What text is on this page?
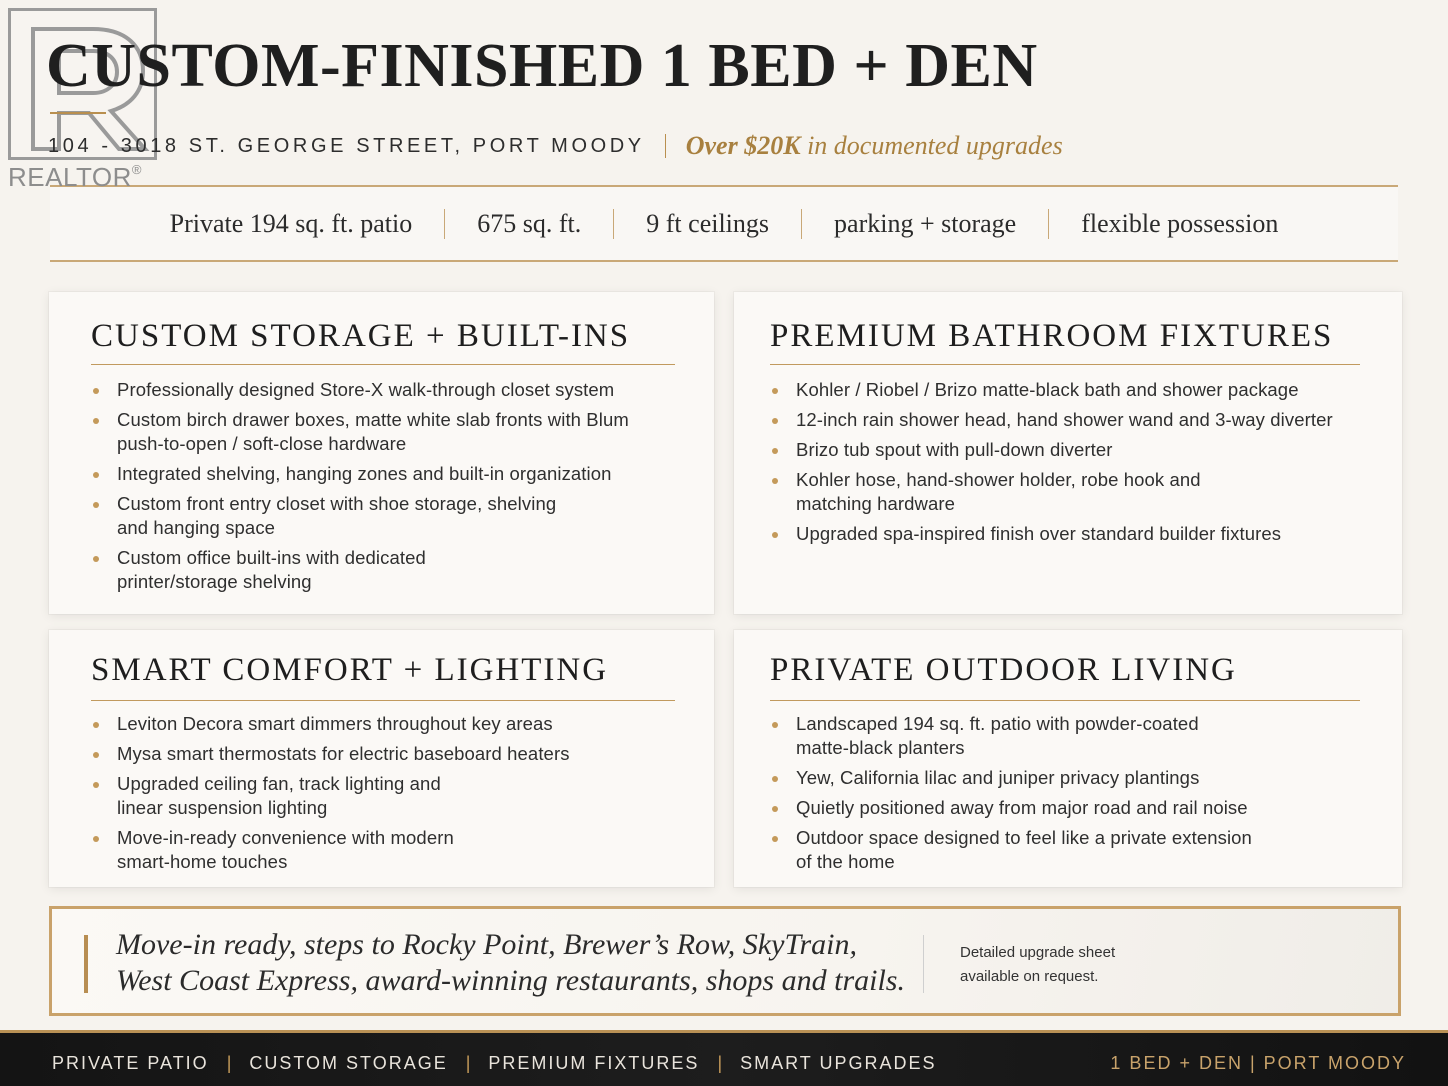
REALTOR®
CUSTOM-FINISHED 1 BED + DEN
104 - 3018 ST. GEORGE STREET, PORT MOODY Over $20K in documented upgrades
Private 194 sq. ft. patio	675 sq. ft.	9 ft ceilings	parking + storage	flexible possession
CUSTOM STORAGE + BUILT-INS
Professionally designed Store-X walk-through closet system
Custom birch drawer boxes, matte white slab fronts with Blum push-to-open / soft-close hardware
Integrated shelving, hanging zones and built-in organization
Custom front entry closet with shoe storage, shelving and hanging space
Custom office built-ins with dedicated printer/storage shelving
PREMIUM BATHROOM FIXTURES
Kohler / Riobel / Brizo matte-black bath and shower package
12-inch rain shower head, hand shower wand and 3-way diverter
Brizo tub spout with pull-down diverter
Kohler hose, hand-shower holder, robe hook and matching hardware
Upgraded spa-inspired finish over standard builder fixtures
SMART COMFORT + LIGHTING
Leviton Decora smart dimmers throughout key areas
Mysa smart thermostats for electric baseboard heaters
Upgraded ceiling fan, track lighting and linear suspension lighting
Move-in-ready convenience with modern smart-home touches
PRIVATE OUTDOOR LIVING
Landscaped 194 sq. ft. patio with powder-coated matte-black planters
Yew, California lilac and juniper privacy plantings
Quietly positioned away from major road and rail noise
Outdoor space designed to feel like a private extension of the home
Move-in ready, steps to Rocky Point, Brewer’s Row, SkyTrain,
West Coast Express, award-winning restaurants, shops and trails.
Detailed upgrade sheet
available on request.
PRIVATE PATIO | CUSTOM STORAGE | PREMIUM FIXTURES | SMART UPGRADES	1 BED + DEN | PORT MOODY
